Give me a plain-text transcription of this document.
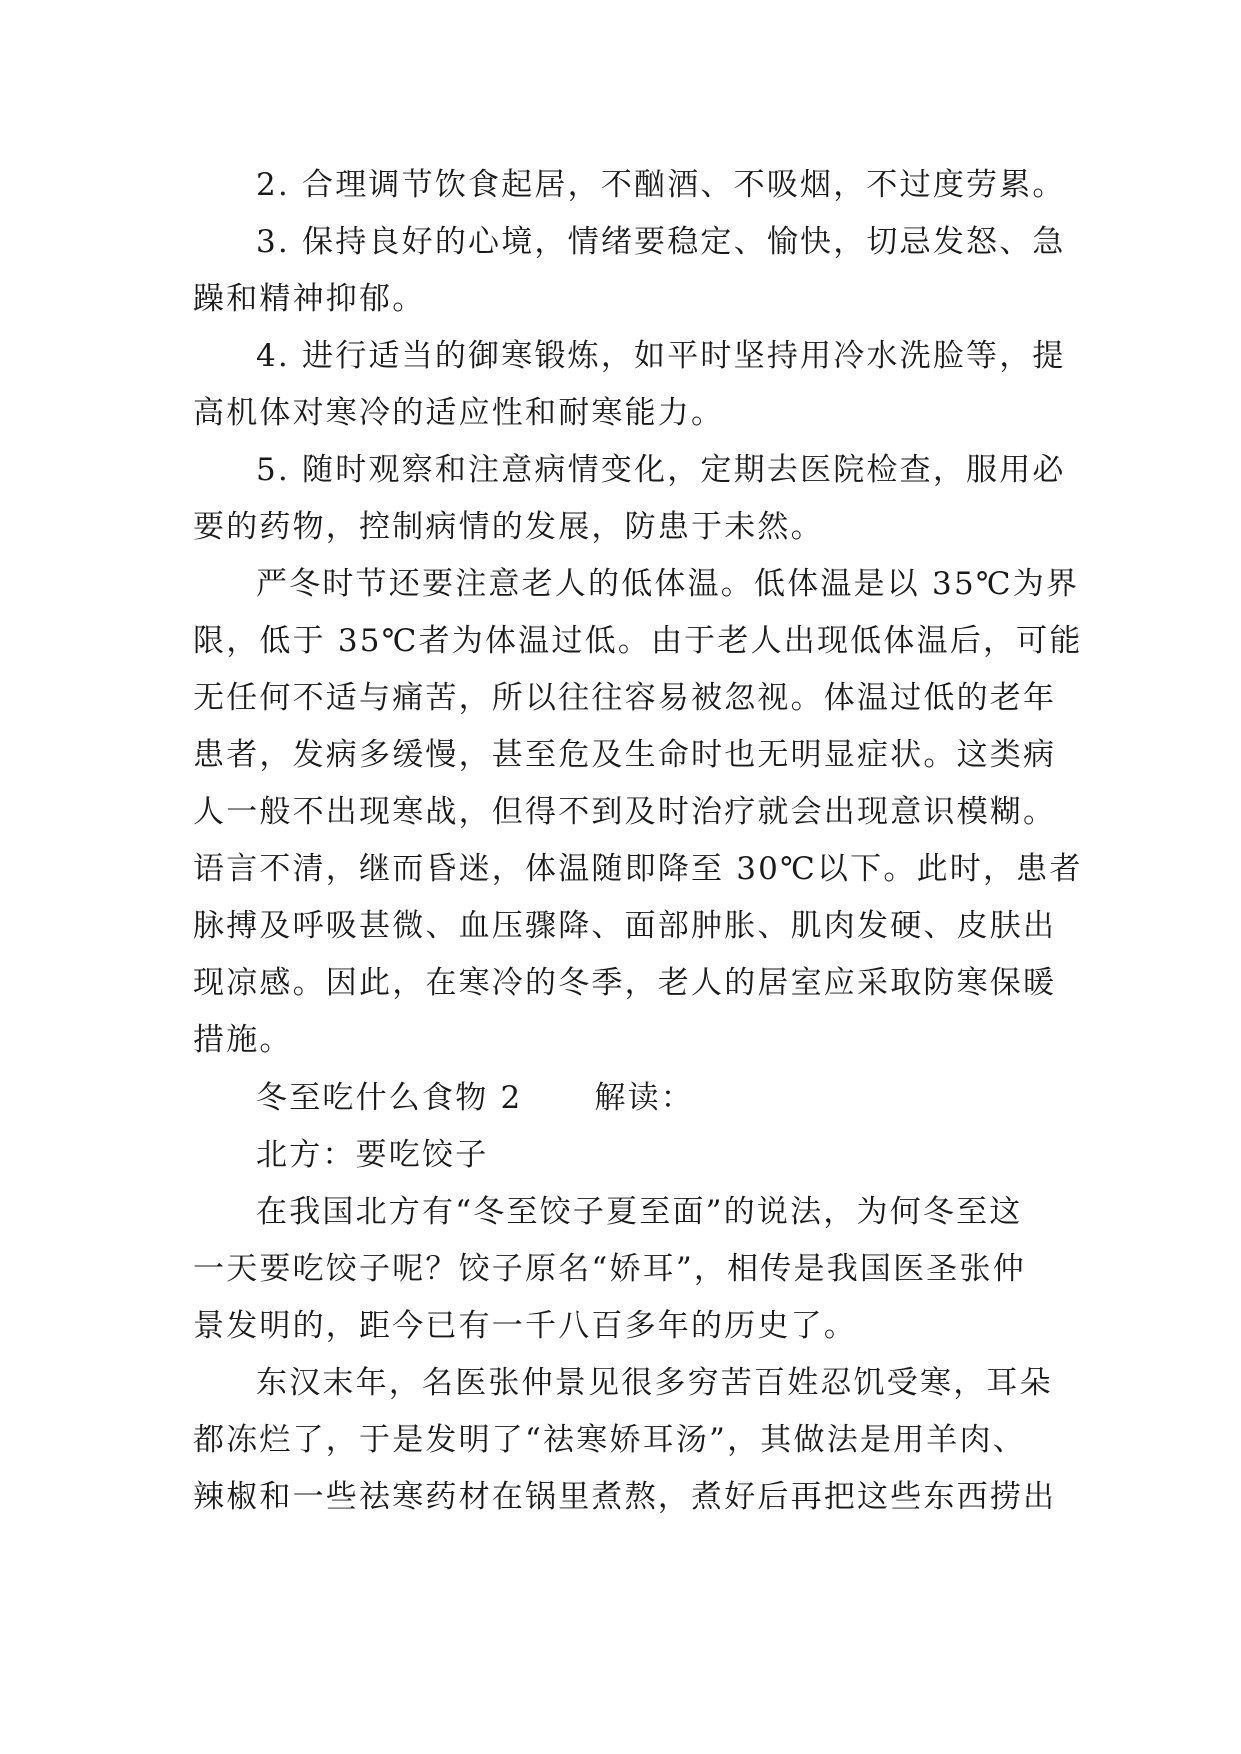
2. 合理调节饮食起居，不酗酒、不吸烟，不过度劳累。
3. 保持良好的心境，情绪要稳定、愉快，切忌发怒、急
躁和精神抑郁。
4. 进行适当的御寒锻炼，如平时坚持用冷水洗脸等，提
高机体对寒冷的适应性和耐寒能力。
5. 随时观察和注意病情变化，定期去医院检查，服用必
要的药物，控制病情的发展，防患于未然。
严冬时节还要注意老人的低体温。低体温是以 35℃为界
限，低于 35℃者为体温过低。由于老人出现低体温后，可能
无任何不适与痛苦，所以往往容易被忽视。体温过低的老年
患者，发病多缓慢，甚至危及生命时也无明显症状。这类病
人一般不出现寒战，但得不到及时治疗就会出现意识模糊。
语言不清，继而昏迷，体温随即降至 30℃以下。此时，患者
脉搏及呼吸甚微、血压骤降、面部肿胀、肌肉发硬、皮肤出
现凉感。因此，在寒冷的冬季，老人的居室应采取防寒保暖
措施。
冬至吃什么食物 2 解读：
北方：要吃饺子
在我国北方有“冬至饺子夏至面”的说法，为何冬至这
一天要吃饺子呢？饺子原名“娇耳”，相传是我国医圣张仲
景发明的，距今已有一千八百多年的历史了。
东汉末年，名医张仲景见很多穷苦百姓忍饥受寒，耳朵
都冻烂了，于是发明了“祛寒娇耳汤”，其做法是用羊肉、
辣椒和一些祛寒药材在锅里煮熬，煮好后再把这些东西捞出
